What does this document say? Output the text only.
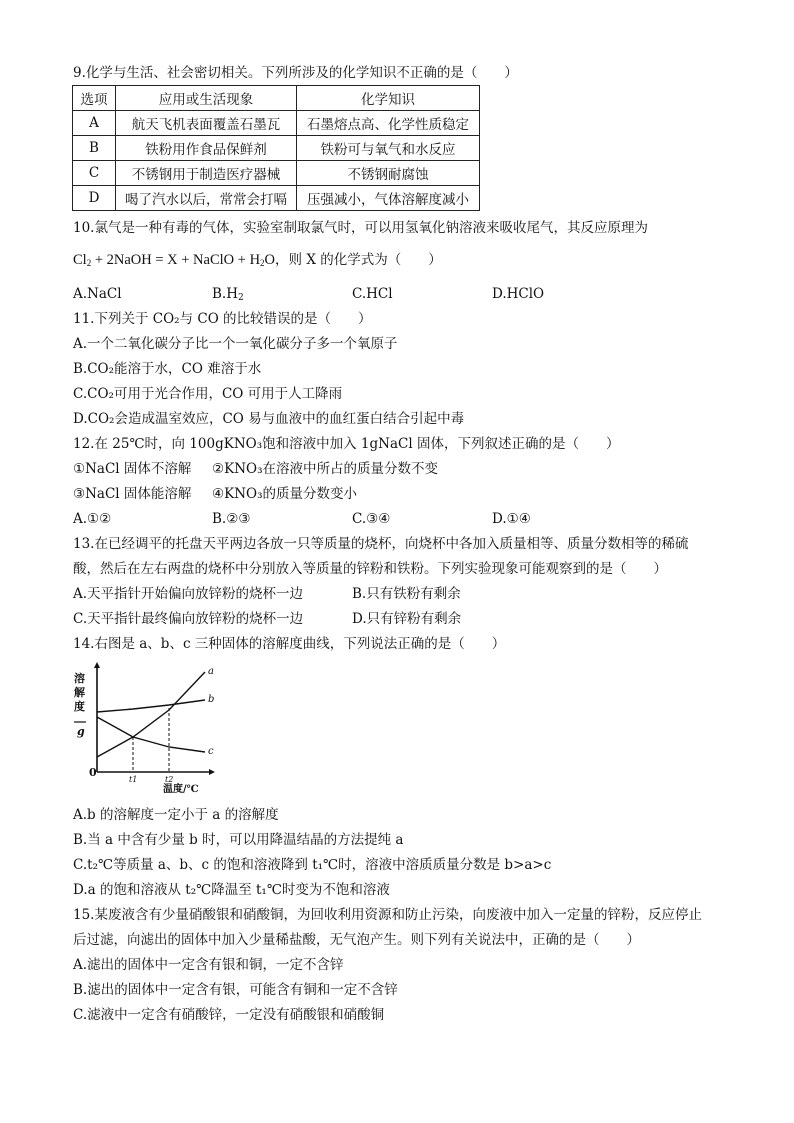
9.化学与生活、社会密切相关。下列所涉及的化学知识不正确的是（　　）
选项	应用或生活现象	化学知识
A	航天飞机表面覆盖石墨瓦	石墨熔点高、化学性质稳定
B	铁粉用作食品保鲜剂	铁粉可与氧气和水反应
C	不锈钢用于制造医疗器械	不锈钢耐腐蚀
D	喝了汽水以后，常常会打嗝	压强减小，气体溶解度减小
10.氯气是一种有毒的气体，实验室制取氯气时，可以用氢氧化钠溶液来吸收尾气，其反应原理为
$Cl_2$ + 2NaOH = X + NaClO + $H_2O$，则 X 的化学式为（　　）
A.NaCl	$B.H_2$	C.HCl	D.HClO
11.下列关于 CO₂与 CO 的比较错误的是（　　）
A.一个二氧化碳分子比一个一氧化碳分子多一个氧原子
B.CO₂能溶于水，CO 难溶于水
C.CO₂可用于光合作用，CO 可用于人工降雨
D.CO₂会造成温室效应，CO 易与血液中的血红蛋白结合引起中毒
12.在 25℃时，向 100gKNO₃饱和溶液中加入 1gNaCl 固体，下列叙述正确的是（　　）
①NaCl 固体不溶解 ②KNO₃在溶液中所占的质量分数不变
③NaCl 固体能溶解 ④KNO₃的质量分数变小
A.①②	B.②③	C.③④	D.①④
13.在已经调平的托盘天平两边各放一只等质量的烧杯，向烧杯中各加入质量相等、质量分数相等的稀硫
酸，然后在左右两盘的烧杯中分别放入等质量的锌粉和铁粉。下列实验现象可能观察到的是（　　）
A.天平指针开始偏向放锌粉的烧杯一边	B.只有铁粉有剩余
C.天平指针最终偏向放锌粉的烧杯一边	D.只有锌粉有剩余
14.右图是 a、b、c 三种固体的溶解度曲线，下列说法正确的是（　　）
a
b
c
t1	t2
0
溶
解
度
g
温度/℃
A.b 的溶解度一定小于 a 的溶解度
B.当 a 中含有少量 b 时，可以用降温结晶的方法提纯 a
C.t₂℃等质量 a、b、c 的饱和溶液降到 t₁℃时，溶液中溶质质量分数是 b>a>c
D.a 的饱和溶液从 t₂℃降温至 t₁℃时变为不饱和溶液
15.某废液含有少量硝酸银和硝酸铜，为回收利用资源和防止污染，向废液中加入一定量的锌粉，反应停止
后过滤，向滤出的固体中加入少量稀盐酸，无气泡产生。则下列有关说法中，正确的是（　　）
A.滤出的固体中一定含有银和铜，一定不含锌
B.滤出的固体中一定含有银，可能含有铜和一定不含锌
C.滤液中一定含有硝酸锌，一定没有硝酸银和硝酸铜
